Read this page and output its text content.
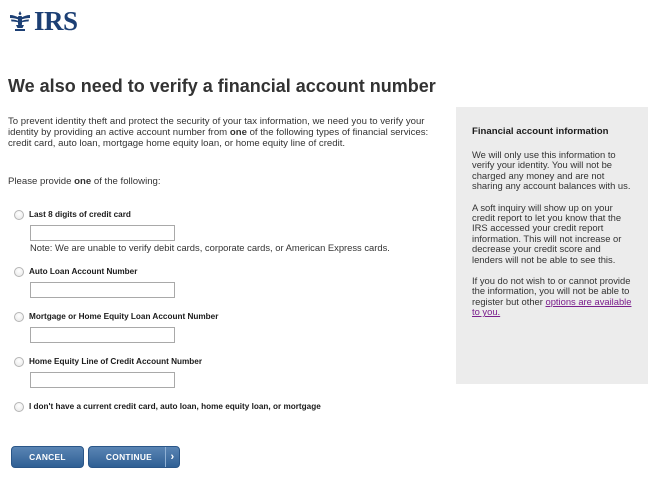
IRS
We also need to verify a financial account number
To prevent identity theft and protect the security of your tax information, we need you to verify your identity by providing an active account number from one of the following types of financial services: credit card, auto loan, mortgage home equity loan, or home equity line of credit.
Please provide one of the following:
Last 8 digits of credit card
Note: We are unable to verify debit cards, corporate cards, or American Express cards.
Auto Loan Account Number
Mortgage or Home Equity Loan Account Number
Home Equity Line of Credit Account Number
I don't have a current credit card, auto loan, home equity loan, or mortgage
Financial account information

We will only use this information to verify your identity. You will not be charged any money and are not sharing any account balances with us.

A soft inquiry will show up on your credit report to let you know that the IRS accessed your credit report information. This will not increase or decrease your credit score and lenders will not be able to see this.

If you do not wish to or cannot provide the information, you will not be able to register but other options are available to you.

CANCEL	CONTINUE	›
